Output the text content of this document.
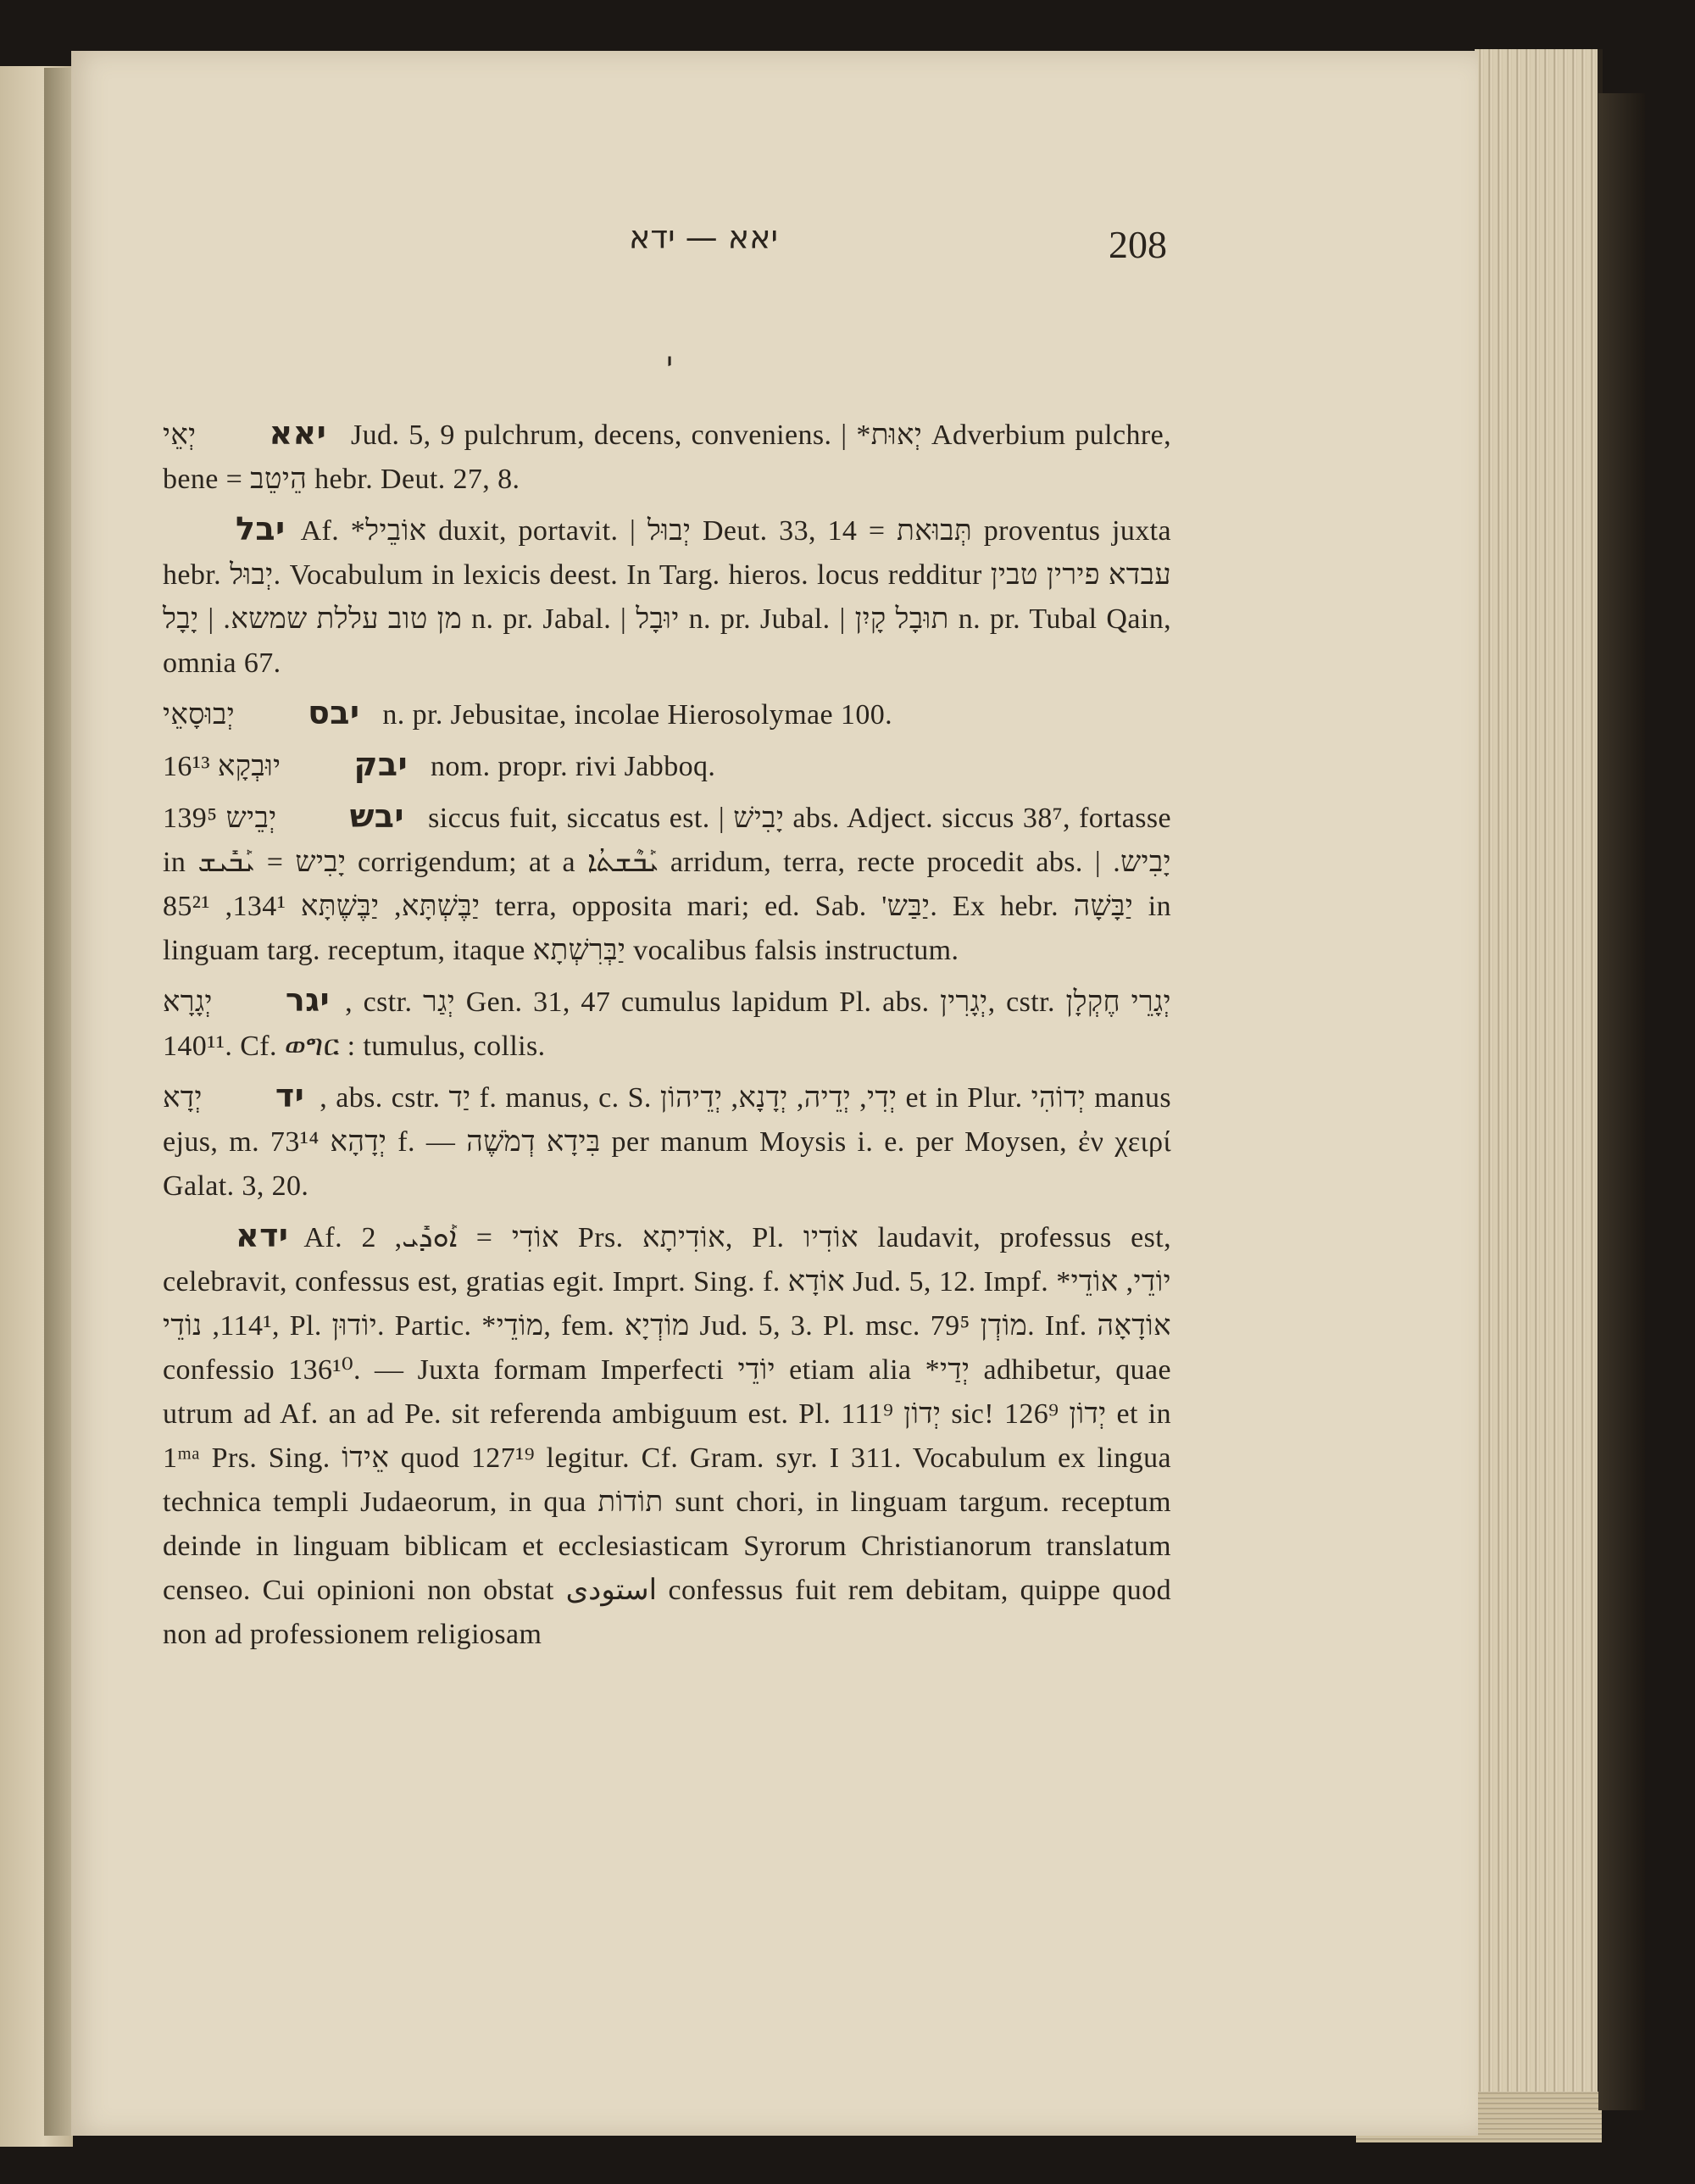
יאא — ידא	208
י

יאאיְאֵי Jud. 5, 9 pulchrum, decens, conveniens. | *יְאוּת Adverbium pulchre, bene = הֵיטֵב hebr. Deut. 27, 8.

יבל Af. *אוֹבֵיל duxit, portavit. | יְבוּל Deut. 33, 14 = תְּבוּאת proventus juxta hebr. יְבוּל. Vocabulum in lexicis deest. In Targ. hieros. locus redditur עבדא פירין טבין מן טוב עללת שמשא. | יָבָל n. pr. Jabal. | יוּבָל n. pr. Jubal. | תוּבָל קָיִן n. pr. Tubal Qain, omnia 67.

יבסיְבוּסָאֵי n. pr. Jebusitae, incolae Hierosolymae 100.

יבקיוּבְקָא 16¹³ nom. propr. rivi Jabboq.

יבשיְבֵיש 139⁵ siccus fuit, siccatus est. | יָבִישׁ abs. Adject. siccus 38⁷, fortasse in יָבִיש = ܝܰܒܺܝܫ corrigendum; at a ܝܰܒܶܫܬܳܐ arridum, terra, recte procedit abs. יָבִיש. | יַבֶּשְׁתָּא, יַבֶּשֶׁתָּא 134¹, 85²¹ terra, opposita mari; ed. Sab. 'יַבַּש. Ex hebr. יַבָּשָׁה in linguam targ. receptum, itaque יַבְּרִשְׁתָא vocalibus falsis instructum.

יגריְגָרָא, cstr. יְגַר Gen. 31, 47 cumulus lapidum Pl. abs. יְגָרִין, cstr. יְגָרֵי חֶקְלָן 140¹¹. Cf. ወግር : tumulus, collis.

ידיְדָא, abs. cstr. יַד f. manus, c. S. יְדִי, יְדֵיה, יְדָנָא, יְדֵיהוֹן et in Plur. יְדוֹהִי manus ejus, m. יְדָהָא 73¹⁴ f. — בִּידָא דְמֹשֶׁה per manum Moysis i. e. per Moysen, ἐν χειρί Galat. 3, 20.

ידא Af. אוֹדִי = ܐܰܘܕܺܝ, 2 Prs. אוֹדִיתָא, Pl. אוֹדִיו laudavit, professus est, celebravit, confessus est, gratias egit. Imprt. Sing. f. אוֹדָא Jud. 5, 12. Impf. *יוֹדֵי, אוֹדֵי 114¹, נוֹדֵי, Pl. יוֹדוּן. Partic. *מוֹדֵי, fem. מוֹדְיָא Jud. 5, 3. Pl. msc. מוֹדְן 79⁵. Inf. אוֹדָאָה confessio 136¹⁰. — Juxta formam Imperfecti יוֹדֵי etiam alia *יְדַי adhibetur, quae utrum ad Af. an ad Pe. sit referenda ambiguum est. Pl. יְדוֹן 111⁹ sic! יְדוֹן 126⁹ et in 1ᵐᵃ Prs. Sing. אֵידוֹ quod 127¹⁹ legitur. Cf. Gram. syr. I 311. Vocabulum ex lingua technica templi Judaeorum, in qua תוֹדוֹת sunt chori, in linguam targum. receptum deinde in linguam biblicam et ecclesiasticam Syrorum Christianorum translatum censeo. Cui opinioni non obstat استودى confessus fuit rem debitam, quippe quod non ad professionem religiosam
